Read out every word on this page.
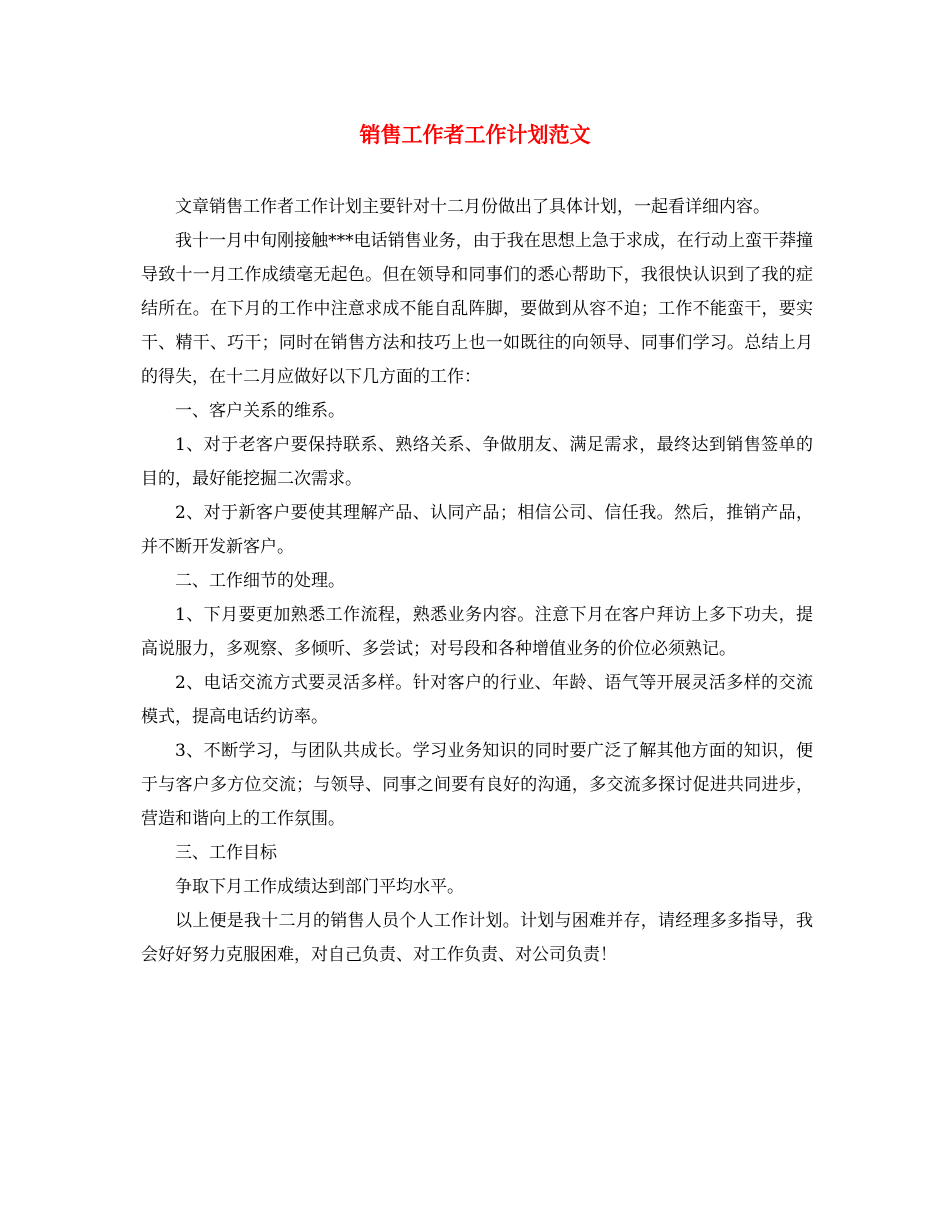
销售工作者工作计划范文

文章销售工作者工作计划主要针对十二月份做出了具体计划，一起看详细内容。

我十一月中旬刚接触***电话销售业务，由于我在思想上急于求成，在行动上蛮干莽撞导致十一月工作成绩毫无起色。但在领导和同事们的悉心帮助下，我很快认识到了我的症结所在。在下月的工作中注意求成不能自乱阵脚，要做到从容不迫；工作不能蛮干，要实干、精干、巧干；同时在销售方法和技巧上也一如既往的向领导、同事们学习。总结上月的得失，在十二月应做好以下几方面的工作：

一、客户关系的维系。

1、对于老客户要保持联系、熟络关系、争做朋友、满足需求，最终达到销售签单的目的，最好能挖掘二次需求。

2、对于新客户要使其理解产品、认同产品；相信公司、信任我。然后，推销产品，并不断开发新客户。

二、工作细节的处理。

1、下月要更加熟悉工作流程，熟悉业务内容。注意下月在客户拜访上多下功夫，提高说服力，多观察、多倾听、多尝试；对号段和各种增值业务的价位必须熟记。

2、电话交流方式要灵活多样。针对客户的行业、年龄、语气等开展灵活多样的交流模式，提高电话约访率。

3、不断学习，与团队共成长。学习业务知识的同时要广泛了解其他方面的知识，便于与客户多方位交流；与领导、同事之间要有良好的沟通，多交流多探讨促进共同进步，营造和谐向上的工作氛围。

三、工作目标

争取下月工作成绩达到部门平均水平。

以上便是我十二月的销售人员个人工作计划。计划与困难并存，请经理多多指导，我会好好努力克服困难，对自己负责、对工作负责、对公司负责！
